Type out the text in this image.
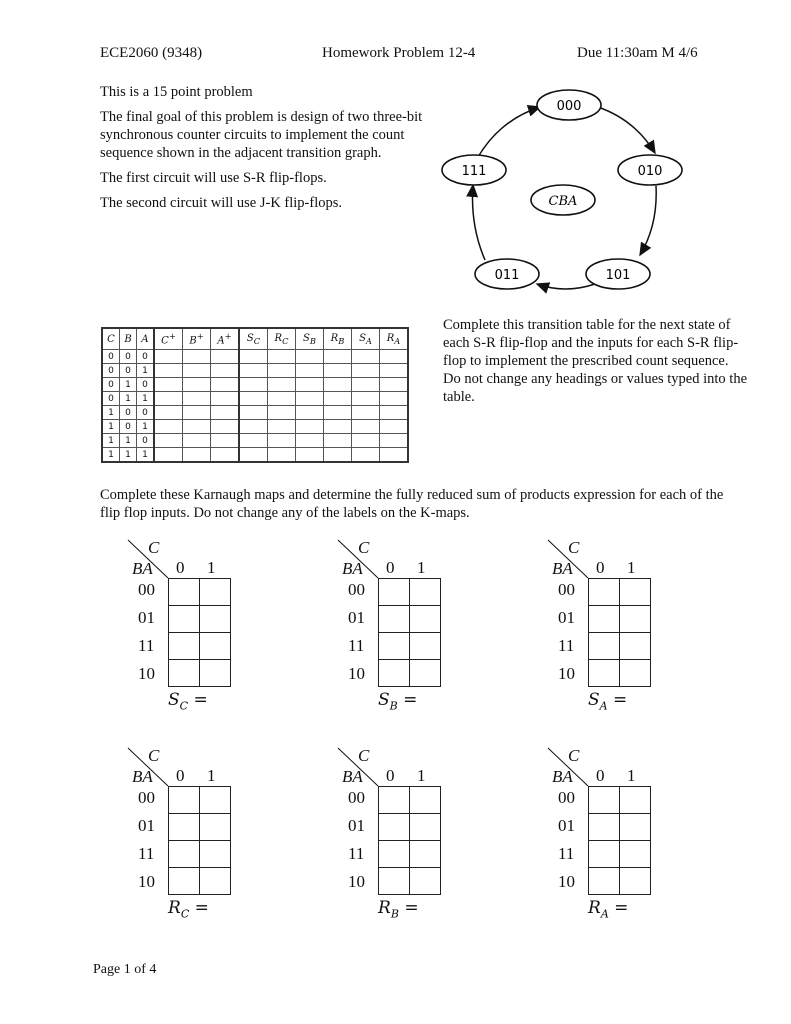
ECE2060 (9348)	Homework Problem 12-4	Due 11:30am M 4/6

This is a 15 point problem

The final goal of this problem is design of two three-bit synchronous counter circuits to implement the count sequence shown in the adjacent transition graph.

The first circuit will use S-R flip-flops.

The second circuit will use J-K flip-flops.

000
010
101
011
111
CBA
C	B	A	C+	B+	A+	$S_C$	$R_C$	$S_B$	$R_B$	$S_A$	$R_A$
0	0	0									
0	0	1									
0	1	0									
0	1	1									
1	0	0									
1	0	1									
1	1	0									
1	1	1									
Complete this transition table for the next state of each S-R flip-flop and the inputs for each S-R flip-flop to implement the prescribed count sequence. Do not change any headings or values typed into the table.
Complete these Karnaugh maps and determine the fully reduced sum of products expression for each of the flip flop inputs. Do not change any of the labels on the K-maps.
C
BA 0 1

00
01
11
10
$S_C$ =
C
BA 0 1

00
01
11
10
$S_B$ =
C
BA 0 1

00
01
11
10
$S_A$ =
C
BA 0 1

00
01
11
10
$R_C$ =
C
BA 0 1

00
01
11
10
$R_B$ =
C
BA 0 1

00
01
11
10
$R_A$ =
Page 1 of 4
